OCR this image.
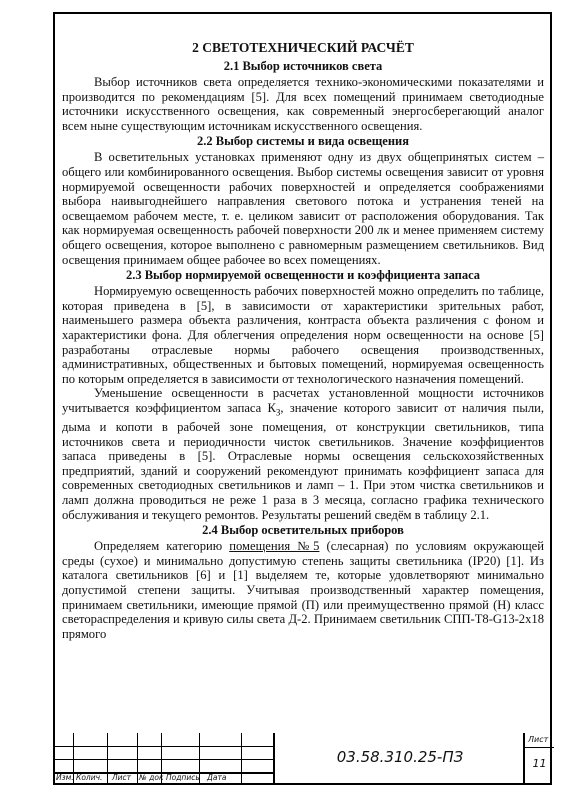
2 СВЕТОТЕХНИЧЕСКИЙ РАСЧЁТ
2.1 Выбор источников света

Выбор источников света определяется технико-экономическими показателями и производится по рекомендациям [5]. Для всех помещений принимаем светодиодные источники искусственного освещения, как современный энергосберегающий аналог всем ныне существующим источникам искусственного освещения.

2.2 Выбор системы и вида освещения

В осветительных установках применяют одну из двух общепринятых систем – общего или комбинированного освещения. Выбор системы освещения зависит от уровня нормируемой освещенности рабочих поверхностей и определяется соображениями выбора наивыгоднейшего направления светового потока и устранения теней на освещаемом рабочем месте, т. е. целиком зависит от расположения оборудования. Так как нормируемая освещенность рабочей поверхности 200 лк и менее применяем систему общего освещения, которое выполнено с равномерным размещением светильников. Вид освещения принимаем общее рабочее во всех помещениях.

2.3 Выбор нормируемой освещенности и коэффициента запаса

Нормируемую освещенность рабочих поверхностей можно определить по таблице, которая приведена в [5], в зависимости от характеристики зрительных работ, наименьшего размера объекта различения, контраста объекта различения с фоном и характеристики фона. Для облегчения определения норм освещенности на основе [5] разработаны отраслевые нормы рабочего освещения производственных, административных, общественных и бытовых помещений, нормируемая освещенность по которым определяется в зависимости от технологического назначения помещений.

Уменьшение освещенности в расчетах установленной мощности источников учитывается коэффициентом запаса $К_З$, значение которого зависит от наличия пыли, дыма и копоти в рабочей зоне помещения, от конструкции светильников, типа источников света и периодичности чисток светильников. Значение коэффициентов запаса приведены в [5]. Отраслевые нормы освещения сельскохозяйственных предприятий, зданий и сооружений рекомендуют принимать коэффициент запаса для современных светодиодных светильников и ламп – 1. При этом чистка светильников и ламп должна проводиться не реже 1 раза в 3 месяца, согласно графика технического обслуживания и текущего ремонтов. Результаты решений сведём в таблицу 2.1.

2.4 Выбор осветительных приборов

Определяем категорию помещения №5 (слесарная) по условиям окружающей среды (сухое) и минимально допустимую степень защиты светильника (IP20) [1]. Из каталога светильников [6] и [1] выделяем те, которые удовлетворяют минимально допустимой степени защиты. Учитывая производственный характер помещения, принимаем светильники, имеющие прямой (П) или преимущественно прямой (Н) класс светораспределения и кривую силы света Д-2. Принимаем светильник СПП-Т8-G13-2х18 прямого

Изм. Колич. Лист № док Подпись Дата
03.58.310.25-ПЗ
Лист
11
